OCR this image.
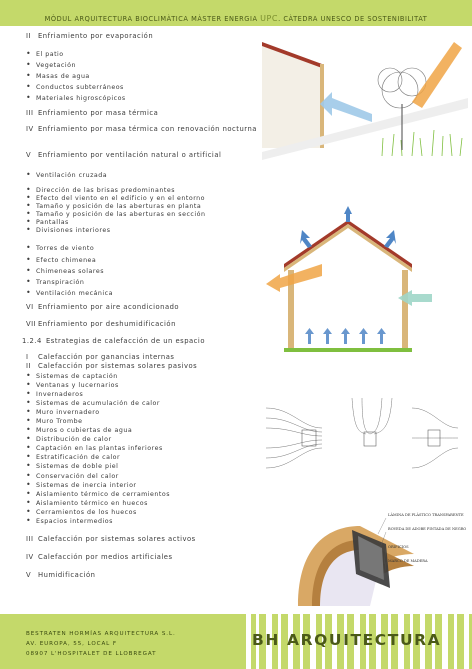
MÒDUL ARQUITECTURA BIOCLIMÀTICA MÀSTER ENERGIA UPC. CÀTEDRA UNESCO DE SOSTENIBILITAT
II Enfriamiento por evaporación
• El patio
• Vegetación
• Masas de agua
• Conductos subterráneos
• Materiales higroscópicos
III Enfriamiento por masa térmica
IV Enfriamiento por masa térmica con renovación nocturna
V Enfriamiento por ventilación natural o artificial
• Ventilación cruzada
• Dirección de las brisas predominantes
• Efecto del viento en el edificio y en el entorno
• Tamaño y posición de las aberturas en planta
• Tamaño y posición de las aberturas en sección
• Pantallas
• Divisiones interiores
• Torres de viento
• Efecto chimenea
• Chimeneas solares
• Transpiración
• Ventilación mecánica
VI Enfriamiento por aire acondicionado
VII Enfriamiento por deshumidificación
1.2.4 Estrategias de calefacción de un espacio
I Calefacción por ganancias internas
II Calefacción por sistemas solares pasivos
• Sistemas de captación
• Ventanas y lucernarios
• Invernaderos
• Sistemas de acumulación de calor
• Muro invernadero
• Muro Trombe
• Muros o cubiertas de agua
• Distribución de calor
• Captación en las plantas inferiores
• Estratificación de calor
• Sistemas de doble piel
• Conservación del calor
• Sistemas de inercia interior
• Aislamiento térmico de cerramientos
• Aislamiento térmico en huecos
• Cerramientos de los huecos
• Espacios intermedios
III Calefacción por sistemas solares activos
IV Calefacción por medios artificiales
V Humidificación
LÁMINA DE PLÁSTICO TRANSPARENTE
BOVEDA DE ADOBE PINTADA DE NEGRO
ORIFICIOS
MARCO DE MADERA
BESTRATEN HORMÍAS ARQUITECTURA S.L.
AV. EUROPA, 55, LOCAL F
08907 L'HOSPITALET DE LLOBREGAT
BH ARQUITECTURA
